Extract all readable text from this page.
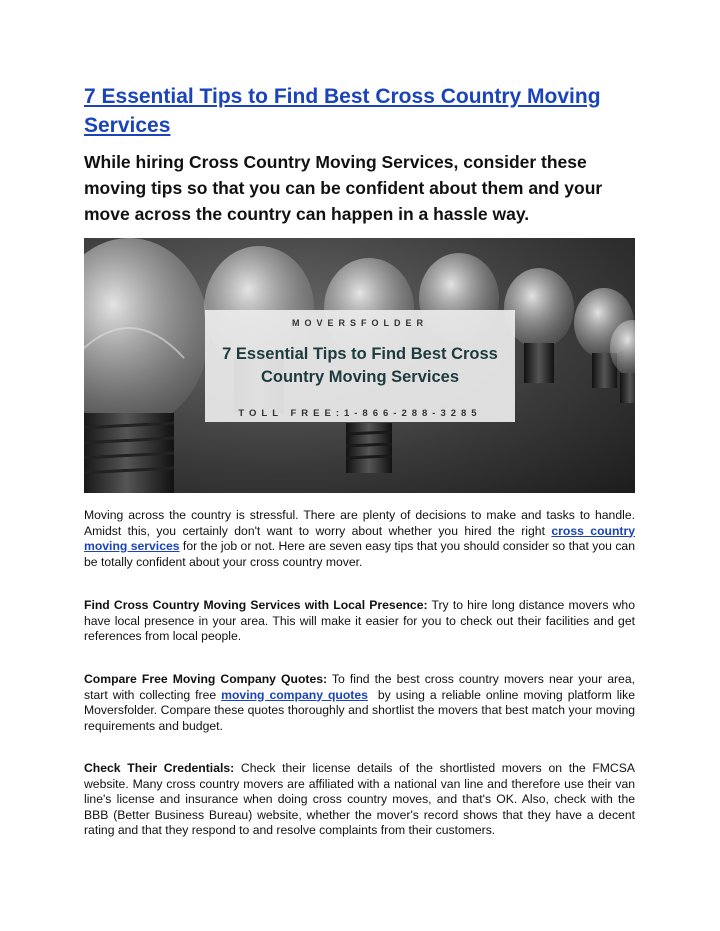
7 Essential Tips to Find Best Cross Country Moving Services

While hiring Cross Country Moving Services, consider these moving tips so that you can be confident about them and your move across the country can happen in a hassle way.

MOVERSFOLDER
7 Essential Tips to Find Best Cross
Country Moving Services
TOLL FREE:1-866-288-3285

Moving across the country is stressful. There are plenty of decisions to make and tasks to handle. Amidst this, you certainly don't want to worry about whether you hired the right cross country moving services for the job or not. Here are seven easy tips that you should consider so that you can be totally confident about your cross country mover.

Find Cross Country Moving Services with Local Presence: Try to hire long distance movers who have local presence in your area. This will make it easier for you to check out their facilities and get references from local people.

Compare Free Moving Company Quotes: To find the best cross country movers near your area, start with collecting free moving company quotes  by using a reliable online moving platform like Moversfolder. Compare these quotes thoroughly and shortlist the movers that best match your moving requirements and budget.

Check Their Credentials: Check their license details of the shortlisted movers on the FMCSA website. Many cross country movers are affiliated with a national van line and therefore use their van line's license and insurance when doing cross country moves, and that's OK. Also, check with the BBB (Better Business Bureau) website, whether the mover's record shows that they have a decent rating and that they respond to and resolve complaints from their customers.
